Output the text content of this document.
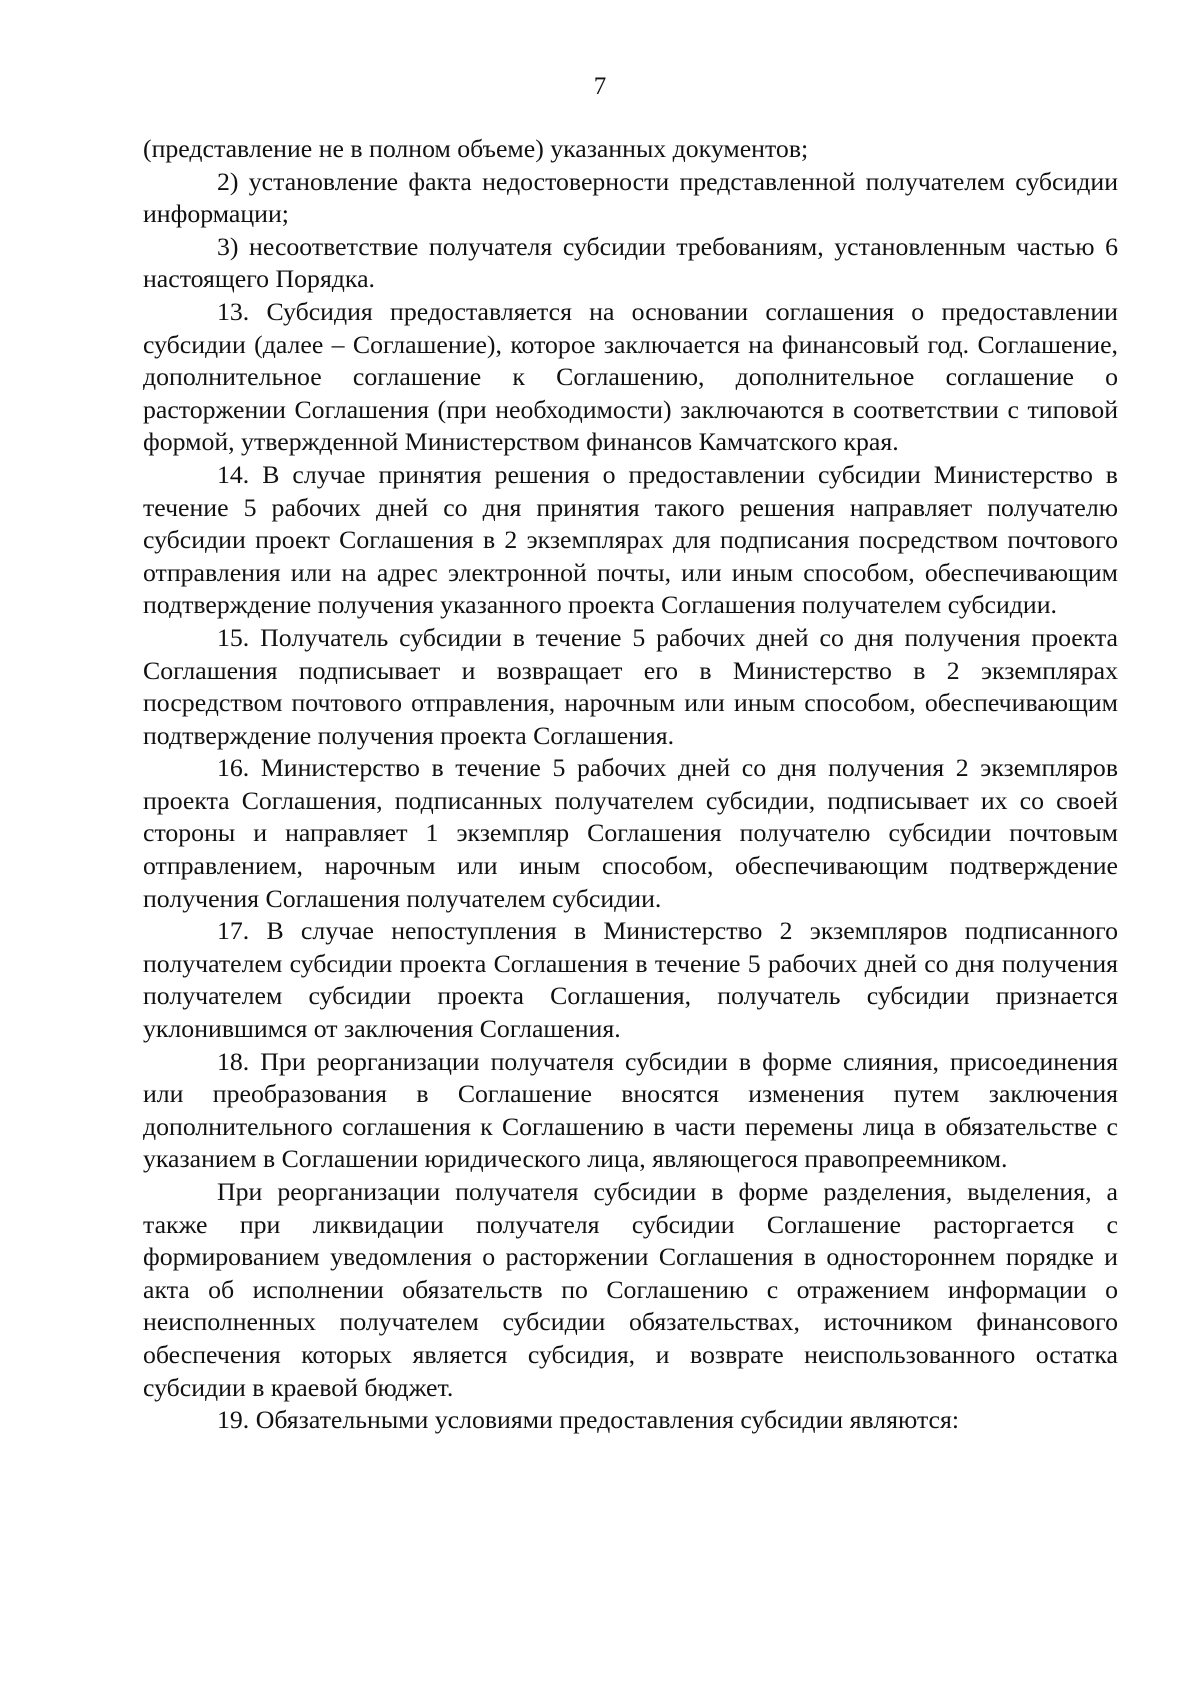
7

(представление не в полном объеме) указанных документов;

2) установление факта недостоверности представленной получателем субсидии информации;

3) несоответствие получателя субсидии требованиям, установленным частью 6 настоящего Порядка.

13. Субсидия предоставляется на основании соглашения о предоставлении субсидии (далее – Соглашение), которое заключается на финансовый год. Соглашение, дополнительное соглашение к Соглашению, дополнительное соглашение о расторжении Соглашения (при необходимости) заключаются в соответствии с типовой формой, утвержденной Министерством финансов Камчатского края.

14. В случае принятия решения о предоставлении субсидии Министерство в течение 5 рабочих дней со дня принятия такого решения направляет получателю субсидии проект Соглашения в 2 экземплярах для подписания посредством почтового отправления или на адрес электронной почты, или иным способом, обеспечивающим подтверждение получения указанного проекта Соглашения получателем субсидии.

15. Получатель субсидии в течение 5 рабочих дней со дня получения проекта Соглашения подписывает и возвращает его в Министерство в 2 экземплярах посредством почтового отправления, нарочным или иным способом, обеспечивающим подтверждение получения проекта Соглашения.

16. Министерство в течение 5 рабочих дней со дня получения 2 экземпляров проекта Соглашения, подписанных получателем субсидии, подписывает их со своей стороны и направляет 1 экземпляр Соглашения получателю субсидии почтовым отправлением, нарочным или иным способом, обеспечивающим подтверждение получения Соглашения получателем субсидии.

17. В случае непоступления в Министерство 2 экземпляров подписанного получателем субсидии проекта Соглашения в течение 5 рабочих дней со дня получения получателем субсидии проекта Соглашения, получатель субсидии признается уклонившимся от заключения Соглашения.

18. При реорганизации получателя субсидии в форме слияния, присоединения или преобразования в Соглашение вносятся изменения путем заключения дополнительного соглашения к Соглашению в части перемены лица в обязательстве с указанием в Соглашении юридического лица, являющегося правопреемником.

При реорганизации получателя субсидии в форме разделения, выделения, а также при ликвидации получателя субсидии Соглашение расторгается с формированием уведомления о расторжении Соглашения в одностороннем порядке и акта об исполнении обязательств по Соглашению с отражением информации о неисполненных получателем субсидии обязательствах, источником финансового обеспечения которых является субсидия, и возврате неиспользованного остатка субсидии в краевой бюджет.

19. Обязательными условиями предоставления субсидии являются:
